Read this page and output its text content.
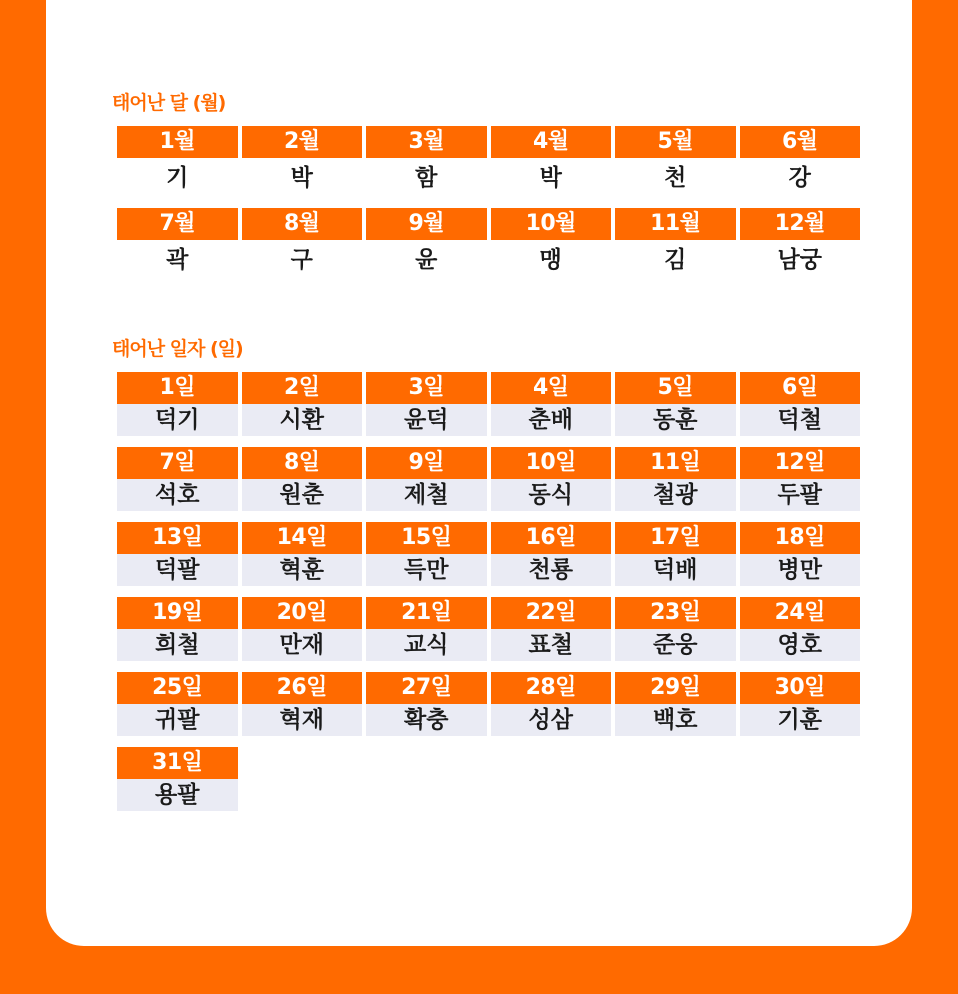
태어난 달 (월)
1월
기
2월
박
3월
함
4월
박
5월
천
6월
강
7월
곽
8월
구
9월
윤
10월
맹
11월
김
12월
남궁
태어난 일자 (일)
1일
덕기
2일
시환
3일
윤덕
4일
춘배
5일
동훈
6일
덕철
7일
석호
8일
원춘
9일
제철
10일
동식
11일
철광
12일
두팔
13일
덕팔
14일
혁훈
15일
득만
16일
천룡
17일
덕배
18일
병만
19일
희철
20일
만재
21일
교식
22일
표철
23일
준웅
24일
영호
25일
귀팔
26일
혁재
27일
확충
28일
성삼
29일
백호
30일
기훈
31일
용팔
